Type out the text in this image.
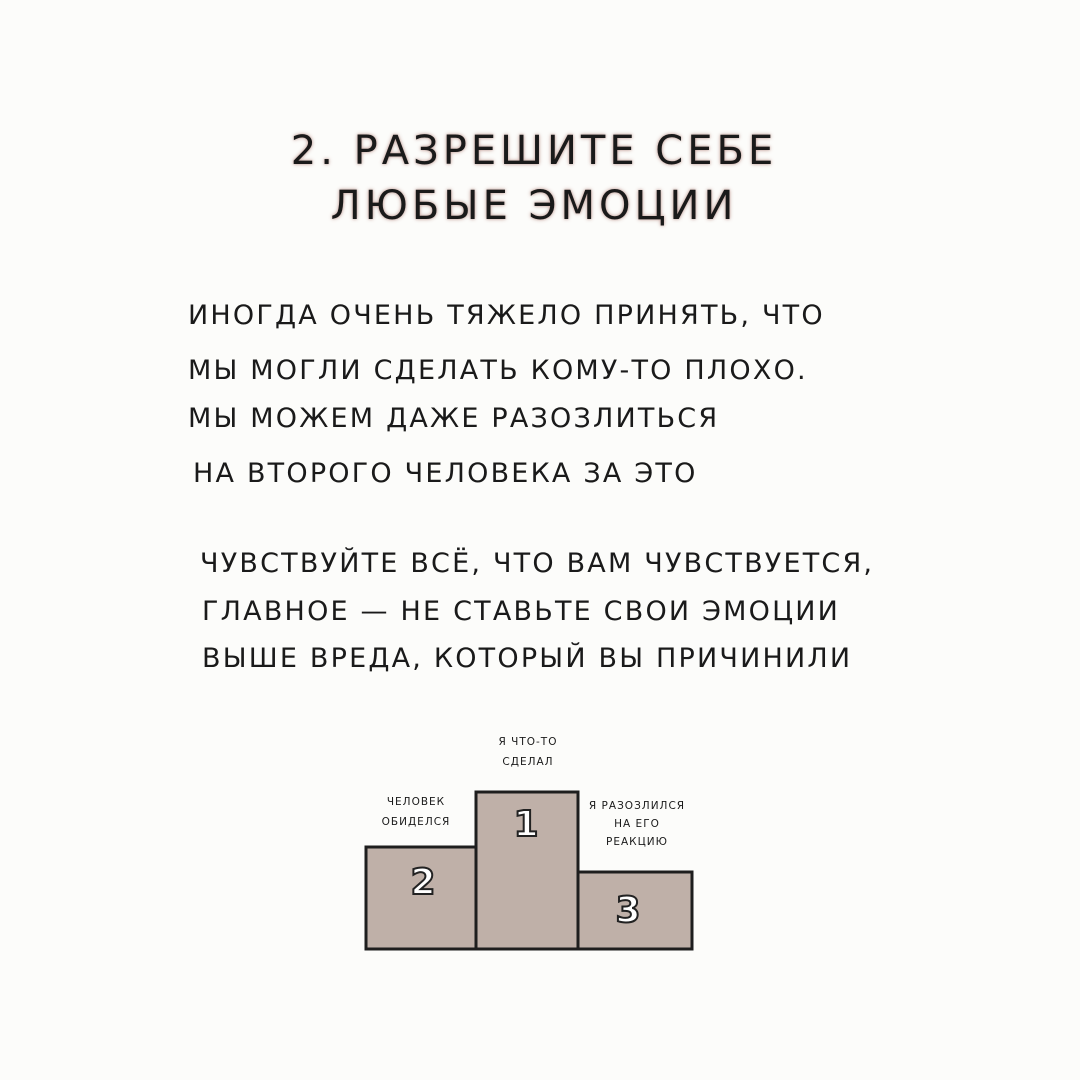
2. РАЗРЕШИТЕ СЕБЕ
ЛЮБЫЕ ЭМОЦИИ
ИНОГДА ОЧЕНЬ ТЯЖЕЛО ПРИНЯТЬ, ЧТО
МЫ МОГЛИ СДЕЛАТЬ КОМУ-ТО ПЛОХО.
МЫ МОЖЕМ ДАЖЕ РАЗОЗЛИТЬСЯ
НА ВТОРОГО ЧЕЛОВЕКА ЗА ЭТО
ЧУВСТВУЙТЕ ВСЁ, ЧТО ВАМ ЧУВСТВУЕТСЯ,
ГЛАВНОЕ — НЕ СТАВЬТЕ СВОИ ЭМОЦИИ
ВЫШЕ ВРЕДА, КОТОРЫЙ ВЫ ПРИЧИНИЛИ
2
1
3
Я ЧТО-ТО
СДЕЛАЛ
ЧЕЛОВЕК
ОБИДЕЛСЯ
Я РАЗОЗЛИЛСЯ
НА ЕГО
РЕАКЦИЮ
